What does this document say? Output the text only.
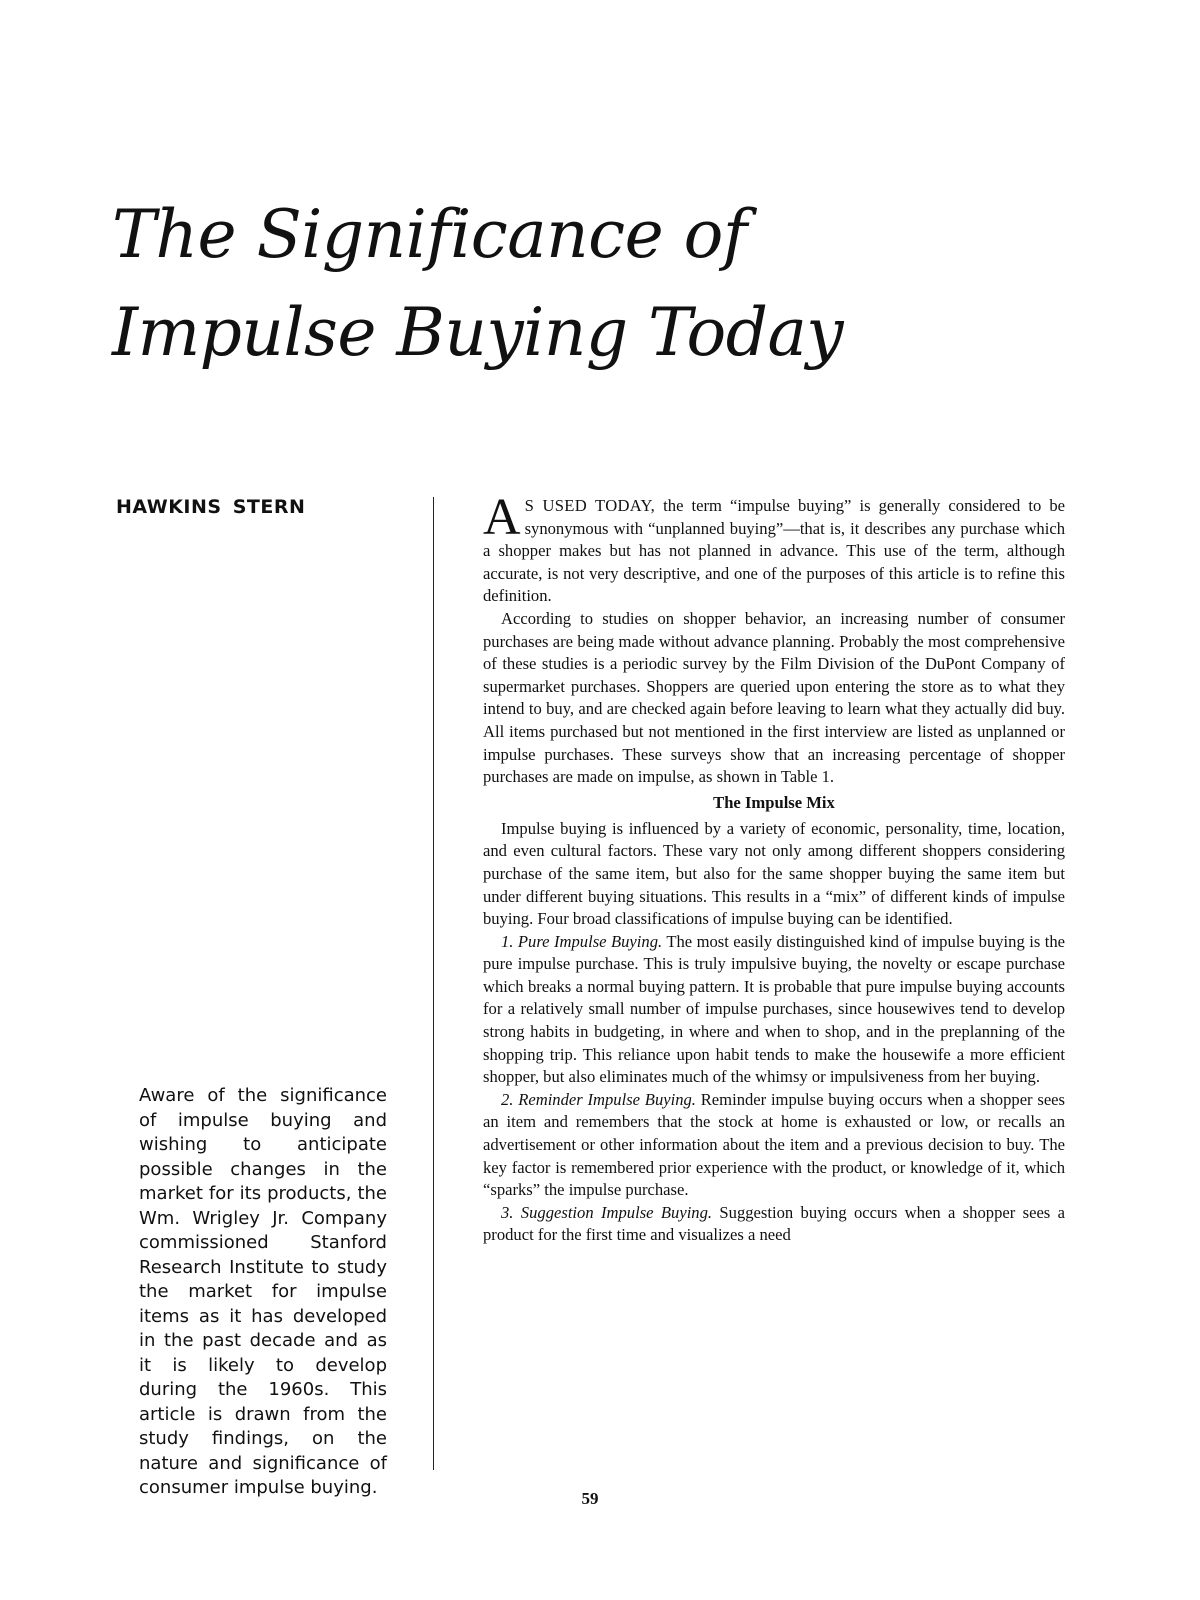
The Significance of
Impulse Buying Today
HAWKINS STERN

Aware of the significance of impulse buying and wishing to anticipate possible changes in the market for its products, the Wm. Wrigley Jr. Company commissioned Stanford Research Institute to study the market for impulse items as it has developed in the past decade and as it is likely to develop during the 1960s. This article is drawn from the study findings, on the nature and significance of consumer impulse buying.

A S USED TODAY, the term “impulse buying” is generally considered to be synonymous with “unplanned buying”—that is, it describes any purchase which a shopper makes but has not planned in advance. This use of the term, although accurate, is not very descriptive, and one of the purposes of this article is to refine this definition.

According to studies on shopper behavior, an increasing number of consumer purchases are being made without advance planning. Probably the most comprehensive of these studies is a periodic survey by the Film Division of the DuPont Company of supermarket purchases. Shoppers are queried upon entering the store as to what they intend to buy, and are checked again before leaving to learn what they actually did buy. All items purchased but not mentioned in the first interview are listed as unplanned or impulse purchases. These surveys show that an increasing percentage of shopper purchases are made on impulse, as shown in Table 1.

The Impulse Mix

Impulse buying is influenced by a variety of economic, personality, time, location, and even cultural factors. These vary not only among different shoppers considering purchase of the same item, but also for the same shopper buying the same item but under different buying situations. This results in a “mix” of different kinds of impulse buying. Four broad classifications of impulse buying can be identified.

1. Pure Impulse Buying. The most easily distinguished kind of impulse buying is the pure impulse purchase. This is truly impulsive buying, the novelty or escape purchase which breaks a normal buying pattern. It is probable that pure impulse buying accounts for a relatively small number of impulse purchases, since housewives tend to develop strong habits in budgeting, in where and when to shop, and in the preplanning of the shopping trip. This reliance upon habit tends to make the housewife a more efficient shopper, but also eliminates much of the whimsy or impulsiveness from her buying.

2. Reminder Impulse Buying. Reminder impulse buying occurs when a shopper sees an item and remembers that the stock at home is exhausted or low, or recalls an advertisement or other information about the item and a previous decision to buy. The key factor is remembered prior experience with the product, or knowledge of it, which “sparks” the impulse purchase.

3. Suggestion Impulse Buying. Suggestion buying occurs when a shopper sees a product for the first time and visualizes a need

59
